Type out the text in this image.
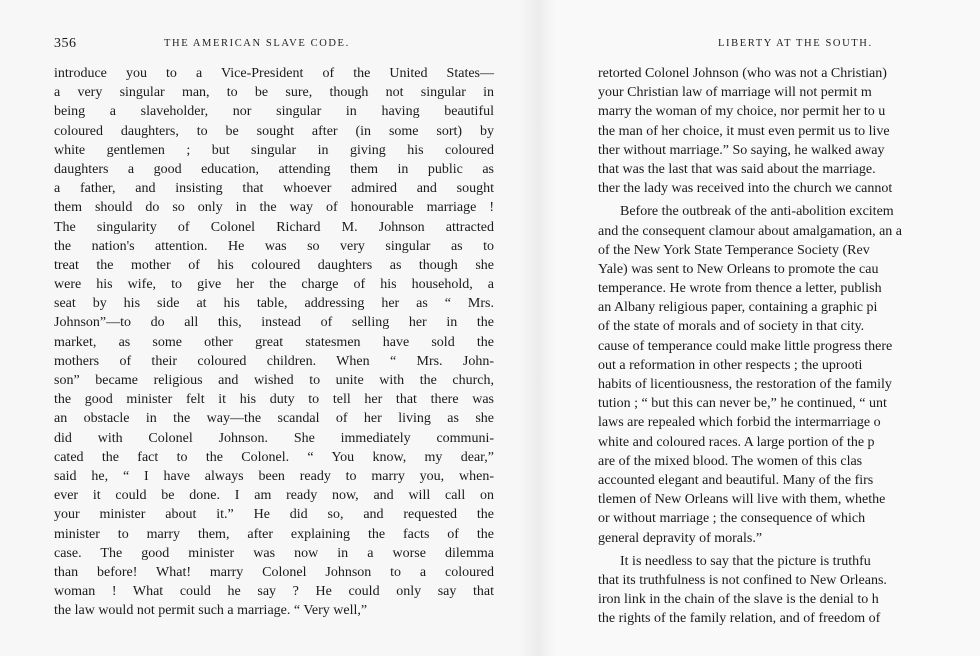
356	THE AMERICAN SLAVE CODE.
introduce you to a Vice-President of the United States—
a very singular man, to be sure, though not singular in
being a slaveholder, nor singular in having beautiful
coloured daughters, to be sought after (in some sort) by
white gentlemen ; but singular in giving his coloured
daughters a good education, attending them in public as
a father, and insisting that whoever admired and sought
them should do so only in the way of honourable marriage !
The singularity of Colonel Richard M. Johnson attracted
the nation's attention. He was so very singular as to
treat the mother of his coloured daughters as though she
were his wife, to give her the charge of his household, a
seat by his side at his table, addressing her as “ Mrs.
Johnson”—to do all this, instead of selling her in the
market, as some other great statesmen have sold the
mothers of their coloured children. When “ Mrs. John-
son” became religious and wished to unite with the church,
the good minister felt it his duty to tell her that there was
an obstacle in the way—the scandal of her living as she
did with Colonel Johnson. She immediately communi-
cated the fact to the Colonel. “ You know, my dear,”
said he, “ I have always been ready to marry you, when-
ever it could be done. I am ready now, and will call on
your minister about it.” He did so, and requested the
minister to marry them, after explaining the facts of the
case. The good minister was now in a worse dilemma
than before! What! marry Colonel Johnson to a coloured
woman ! What could he say ? He could only say that
the law would not permit such a marriage. “ Very well,”
LIBERTY AT THE SOUTH.
retorted Colonel Johnson (who was not a Christian)
your Christian law of marriage will not permit m
marry the woman of my choice, nor permit her to u
the man of her choice, it must even permit us to live
ther without marriage.” So saying, he walked away
that was the last that was said about the marriage.
ther the lady was received into the church we cannot
Before the outbreak of the anti-abolition excitem
and the consequent clamour about amalgamation, an a
of the New York State Temperance Society (Rev
Yale) was sent to New Orleans to promote the cau
temperance. He wrote from thence a letter, publish
an Albany religious paper, containing a graphic pi
of the state of morals and of society in that city.
cause of temperance could make little progress there
out a reformation in other respects ; the uprooti
habits of licentiousness, the restoration of the family
tution ; “ but this can never be,” he continued, “ unt
laws are repealed which forbid the intermarriage o
white and coloured races. A large portion of the p
are of the mixed blood. The women of this clas
accounted elegant and beautiful. Many of the firs
tlemen of New Orleans will live with them, whethe
or without marriage ; the consequence of which
general depravity of morals.”
It is needless to say that the picture is truthfu
that its truthfulness is not confined to New Orleans.
iron link in the chain of the slave is the denial to h
the rights of the family relation, and of freedom of
